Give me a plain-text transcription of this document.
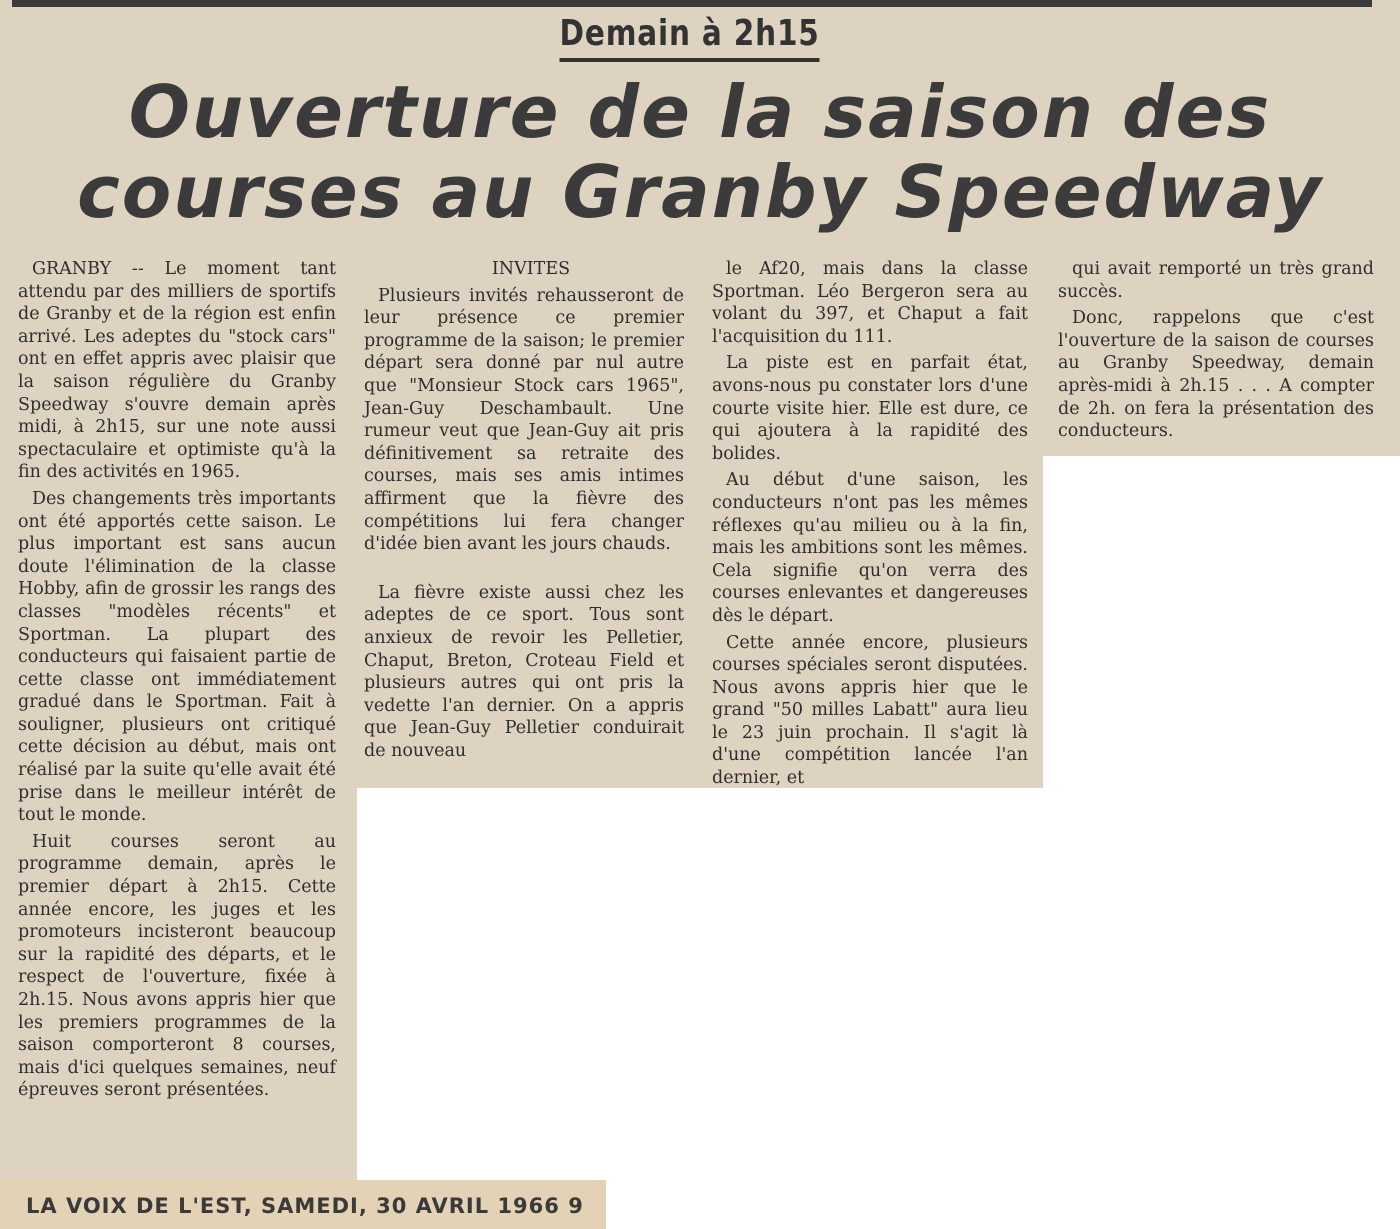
Demain à 2h15
Ouverture de la saison des
courses au Granby Speedway

GRANBY -- Le moment tant attendu par des milliers de sportifs de Granby et de la région est enfin arrivé. Les adeptes du "stock cars" ont en effet appris avec plaisir que la saison régulière du Granby Speedway s'ouvre demain après midi, à 2h15, sur une note aussi spectaculaire et optimiste qu'à la fin des activités en 1965.

Des changements très importants ont été apportés cette saison. Le plus important est sans aucun doute l'élimination de la classe Hobby, afin de grossir les rangs des classes "modèles récents" et Sportman. La plupart des conducteurs qui faisaient partie de cette classe ont immédiatement gradué dans le Sportman. Fait à souligner, plusieurs ont critiqué cette décision au début, mais ont réalisé par la suite qu'elle avait été prise dans le meilleur intérêt de tout le monde.

Huit courses seront au programme demain, après le premier départ à 2h15. Cette année encore, les juges et les promoteurs incisteront beaucoup sur la rapidité des départs, et le respect de l'ouverture, fixée à 2h.15. Nous avons appris hier que les premiers programmes de la saison comporteront 8 courses, mais d'ici quelques semaines, neuf épreuves seront présentées.

INVITES

Plusieurs invités rehausseront de leur présence ce premier programme de la saison; le premier départ sera donné par nul autre que "Monsieur Stock cars 1965", Jean-Guy Deschambault. Une rumeur veut que Jean-Guy ait pris définitivement sa retraite des courses, mais ses amis intimes affirment que la fièvre des compétitions lui fera changer d'idée bien avant les jours chauds.

La fièvre existe aussi chez les adeptes de ce sport. Tous sont anxieux de revoir les Pelletier, Chaput, Breton, Croteau Field et plusieurs autres qui ont pris la vedette l'an dernier. On a appris que Jean-Guy Pelletier conduirait de nouveau

le Af20, mais dans la classe Sportman. Léo Bergeron sera au volant du 397, et Chaput a fait l'acquisition du 111.

La piste est en parfait état, avons-nous pu constater lors d'une courte visite hier. Elle est dure, ce qui ajoutera à la rapidité des bolides.

Au début d'une saison, les conducteurs n'ont pas les mêmes réflexes qu'au milieu ou à la fin, mais les ambitions sont les mêmes. Cela signifie qu'on verra des courses enlevantes et dangereuses dès le départ.

Cette année encore, plusieurs courses spéciales seront disputées. Nous avons appris hier que le grand "50 milles Labatt" aura lieu le 23 juin prochain. Il s'agit là d'une compétition lancée l'an dernier, et

qui avait remporté un très grand succès.

Donc, rappelons que c'est l'ouverture de la saison de courses au Granby Speedway, demain après-midi à 2h.15 . . . A compter de 2h. on fera la présentation des conducteurs.

LA VOIX DE L'EST, SAMEDI, 30 AVRIL 1966 9
